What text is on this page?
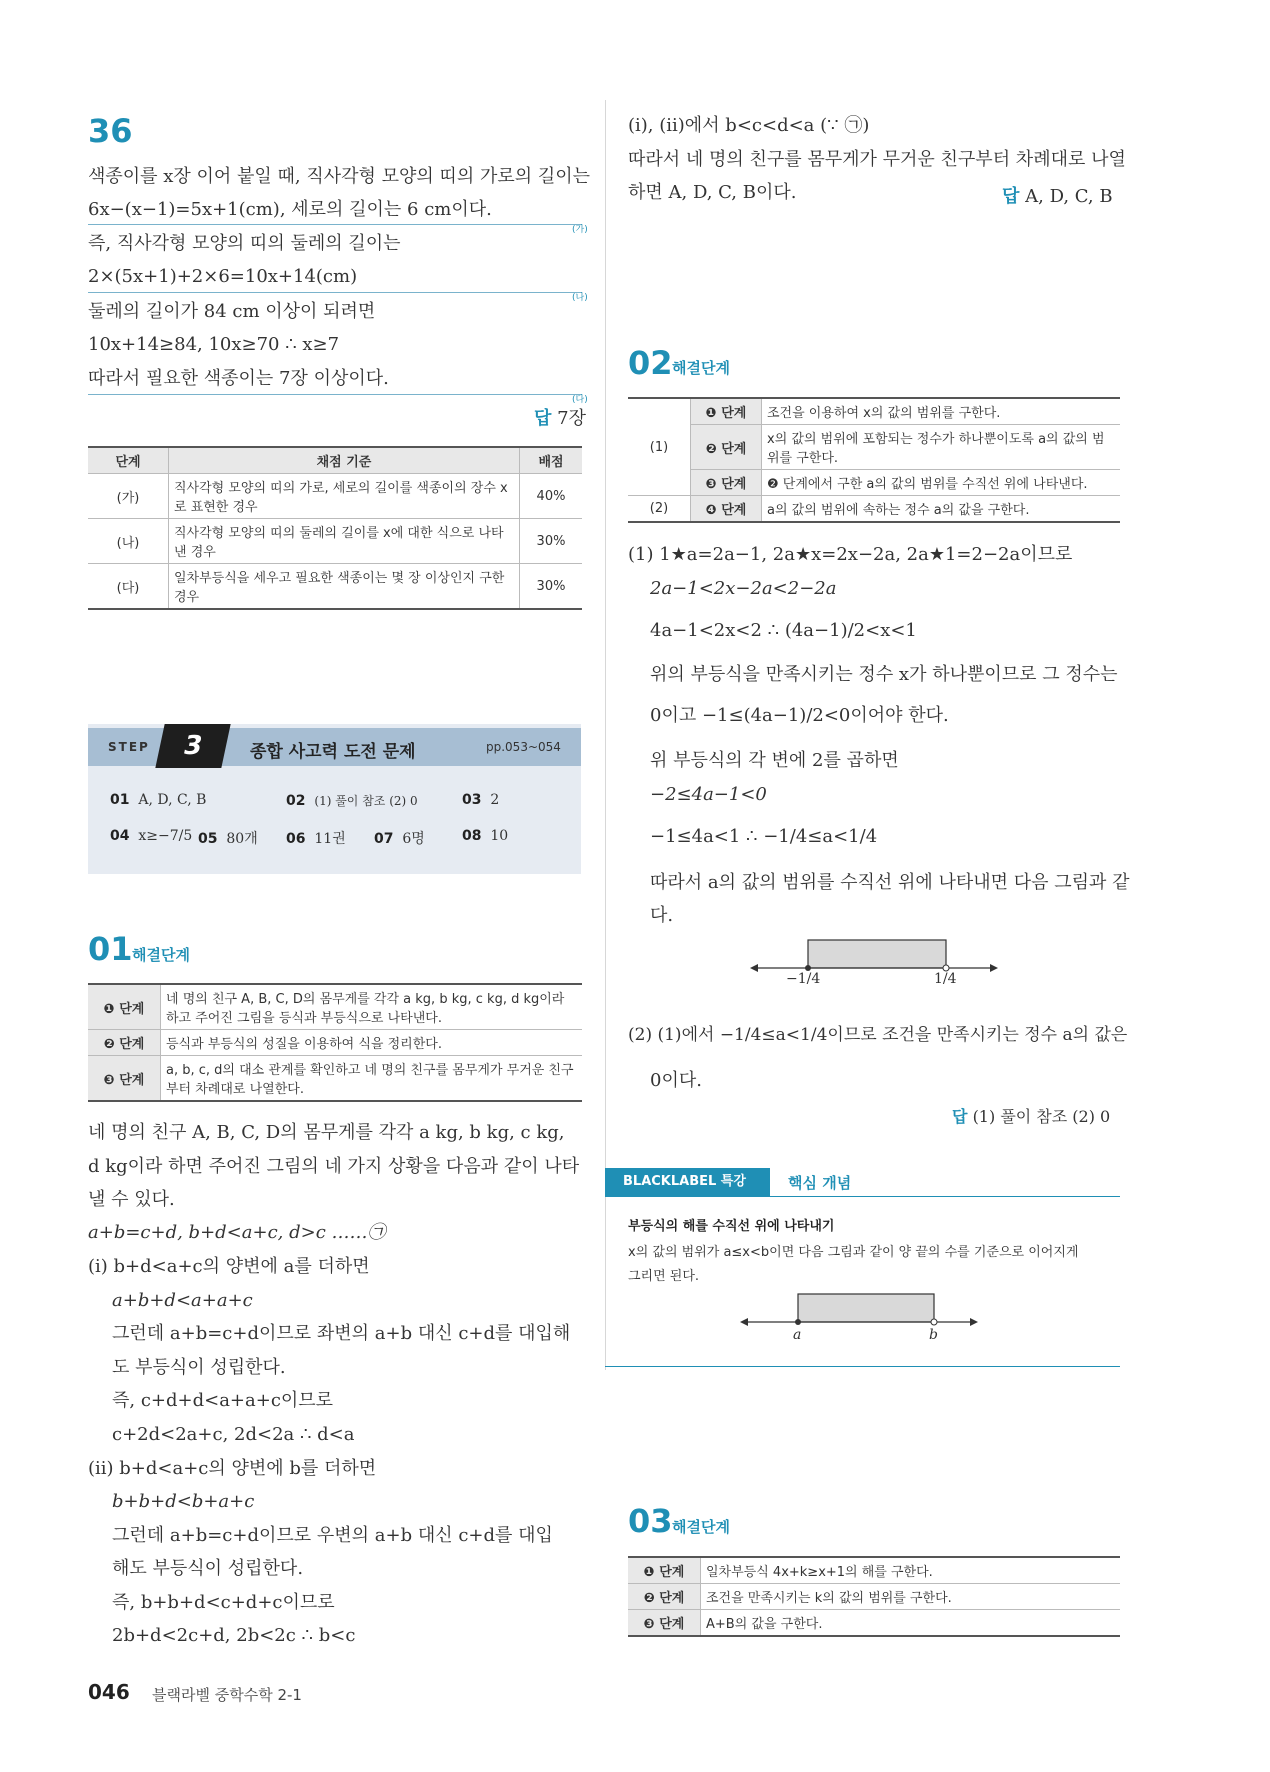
36
색종이를 x장 이어 붙일 때, 직사각형 모양의 띠의 가로의 길이는
6x−(x−1)=5x+1(cm), 세로의 길이는 6 cm이다.
(가)
즉, 직사각형 모양의 띠의 둘레의 길이는
2×(5x+1)+2×6=10x+14(cm)
(나)
둘레의 길이가 84 cm 이상이 되려면
10x+14≥84, 10x≥70 ∴ x≥7
따라서 필요한 색종이는 7장 이상이다.
(다)
답 7장
단계	채점 기준	배점
(가)	직사각형 모양의 띠의 가로, 세로의 길이를 색종이의 장수 x로 표현한 경우	40%
(나)	직사각형 모양의 띠의 둘레의 길이를 x에 대한 식으로 나타낸 경우	30%
(다)	일차부등식을 세우고 필요한 색종이는 몇 장 이상인지 구한 경우	30%
STEP	3	종합 사고력 도전 문제	pp.053~054
01 A, D, C, B	02 (1) 풀이 참조 (2) 0	03 2
04 x≥−7/5 05 80개 06 11권 07 6명	08 10
01 해결단계
❶ 단계	네 명의 친구 A, B, C, D의 몸무게를 각각 a kg, b kg, c kg, d kg이라 하고 주어진 그림을 등식과 부등식으로 나타낸다.
❷ 단계	등식과 부등식의 성질을 이용하여 식을 정리한다.
❸ 단계	a, b, c, d의 대소 관계를 확인하고 네 명의 친구를 몸무게가 무거운 친구부터 차례대로 나열한다.
네 명의 친구 A, B, C, D의 몸무게를 각각 a kg, b kg, c kg,
d kg이라 하면 주어진 그림의 네 가지 상황을 다음과 같이 나타
낼 수 있다.
a+b=c+d, b+d<a+c, d>c ……㉠
(ⅰ) b+d<a+c의 양변에 a를 더하면
a+b+d<a+a+c
그런데 a+b=c+d이므로 좌변의 a+b 대신 c+d를 대입해
도 부등식이 성립한다.
즉, c+d+d<a+a+c이므로
c+2d<2a+c, 2d<2a ∴ d<a
(ⅱ) b+d<a+c의 양변에 b를 더하면
b+b+d<b+a+c
그런데 a+b=c+d이므로 우변의 a+b 대신 c+d를 대입
해도 부등식이 성립한다.
즉, b+b+d<c+d+c이므로
2b+d<2c+d, 2b<2c ∴ b<c
046 블랙라벨 중학수학 2-1
(ⅰ), (ⅱ)에서 b<c<d<a (∵ ㉠)
따라서 네 명의 친구를 몸무게가 무거운 친구부터 차례대로 나열
하면 A, D, C, B이다.	답 A, D, C, B
02 해결단계
(1)	❶ 단계	조건을 이용하여 x의 값의 범위를 구한다.
	❷ 단계	x의 값의 범위에 포함되는 정수가 하나뿐이도록 a의 값의 범위를 구한다.
	❸ 단계	❷ 단계에서 구한 a의 값의 범위를 수직선 위에 나타낸다.
(2)	❹ 단계	a의 값의 범위에 속하는 정수 a의 값을 구한다.
(1) 1★a=2a−1, 2a★x=2x−2a, 2a★1=2−2a이므로
2a−1<2x−2a<2−2a
4a−1<2x<2 ∴ (4a−1)/2<x<1
위의 부등식을 만족시키는 정수 x가 하나뿐이므로 그 정수는
0이고 −1≤(4a−1)/2<0이어야 한다.
위 부등식의 각 변에 2를 곱하면
−2≤4a−1<0
−1≤4a<1 ∴ −1/4≤a<1/4
따라서 a의 값의 범위를 수직선 위에 나타내면 다음 그림과 같
다.
−1/4	1/4
(2) (1)에서 −1/4≤a<1/4이므로 조건을 만족시키는 정수 a의 값은
0이다.
답 (1) 풀이 참조 (2) 0
BLACKLABEL 특강	핵심 개념
부등식의 해를 수직선 위에 나타내기
x의 값의 범위가 a≤x<b이면 다음 그림과 같이 양 끝의 수를 기준으로 이어지게
그리면 된다.
a	b
03 해결단계
❶ 단계	일차부등식 4x+k≥x+1의 해를 구한다.
❷ 단계	조건을 만족시키는 k의 값의 범위를 구한다.
❸ 단계	A+B의 값을 구한다.
